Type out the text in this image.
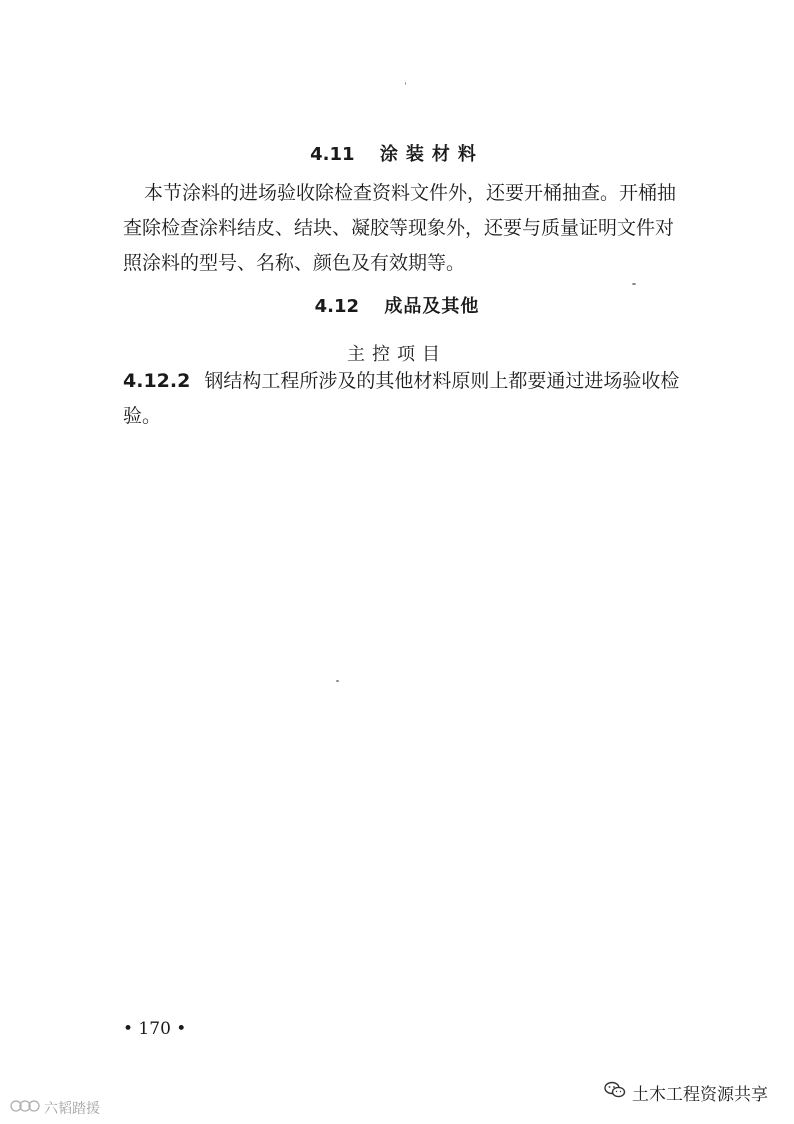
4.11 涂装材料

本节涂料的进场验收除检查资料文件外，还要开桶抽查。开桶抽查除检查涂料结皮、结块、凝胶等现象外，还要与质量证明文件对照涂料的型号、名称、颜色及有效期等。

4.12 成品及其他
主控项目
4.12.2 钢结构工程所涉及的其他材料原则上都要通过进场验收检验。
• 170 •
土木工程资源共享
六韬踏援
